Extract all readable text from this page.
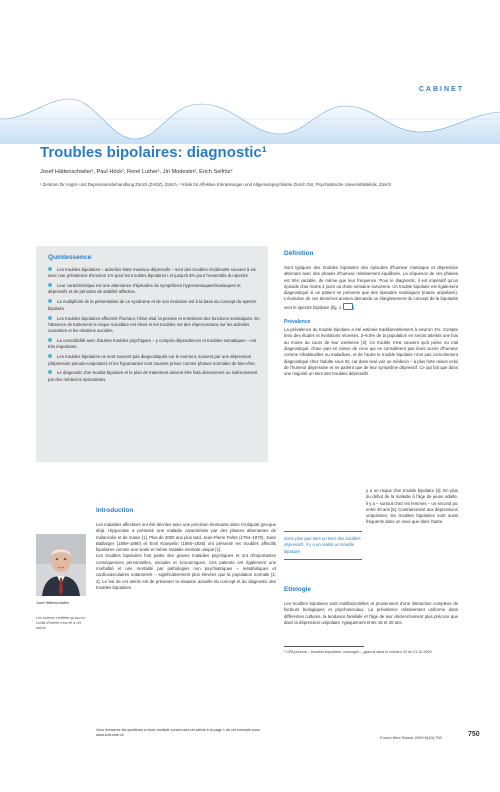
CABINET
Troubles bipolaires: diagnostic¹
Josef Hättenschwiler¹, Paul Höck¹, René Luther¹, Jiri Modestin², Erich Seifritz²
¹ Zentrum für Angst- und Depressionsbehandlung Zürich (ZADZ), Zürich, ² Klinik für Affektive Erkrankungen und Allgemeinpsychiatrie Zürich Ost, Psychiatrische Universitätsklinik, Zürich
Quintessence
Les troubles bipolaires – autrefois états maniaco-dépressifs – sont des troubles récidivants souvent à vie avec une prévalence d'environ 1% pour les troubles bipolaires I et jusqu'à 6% pour l'ensemble du spectre.
Leur caractéristique est une alternance d'épisodes de symptômes hypomaniaques/maniaques et dépressifs et de périodes de stabilité affective.
La multiplicité de la présentation de ce syndrome et de son évolution est à la base du concept du spectre bipolaire.
Les troubles bipolaires affectent l'humeur, l'élan vital, la pensée et entraînent des fonctions somatiques. En l'absence de traitement le risque suicidaire est élevé et les troubles ont des répercussions sur les activités courantes et les relations sociales.
La comorbidité avec d'autres troubles psychiques – y compris dépendances et troubles somatiques – est très importante.
Les troubles bipolaires ne sont souvent pas diagnostiqués sur le moment, souvent par une dépression (dépression pseudo-unipolaire) et les hypomanies sont souvent prises comme phases normales de bien-être.
Le diagnostic d'un trouble bipolaire et le plan de traitement doivent être faits directement ou indirectement par des médecins spécialistes.
Définition

Sont typiques des troubles bipolaires des épisodes d'humeur maniaque et dépressive alternant avec des phases d'humeur relativement équilibrée. La séquence de ces phases est très variable, de même que leur fréquence. Pour le diagnostic, il est impératif qu'un épisode d'au moins 4 jours ou d'une semaine survienne. Un trouble bipolaire est également diagnostiqué si un patient ne présente que des épisodes maniaques (manie unipolaire). L'évolution de ces dernières années demande un élargissement du concept de la bipolarité vers le spectre bipolaire (fig. 1	).

Prévalence

La prévalence du trouble bipolaire a été estimée traditionnellement à environ 1%. Compte tenu des études et évolutions récentes, 3–6,5% de la population en seront atteints une fois au moins au cours de leur existence [3]. Ce trouble n'est souvent qu'à peine ou mal diagnostiqué, d'une part en raison de ceux qui ne considèrent pas leurs accès d'humeur comme inhabituelles ou maladives, et de l'autre le trouble bipolaire n'est pas correctement diagnostiqué chez l'adulte sous ID, car dans seul voir un médecin – à plus forte raison celui de l'humeur dépressive et ne parlent que de leur symptôme dépressif. Ce qui fait que dans une majorité un tiers des troubles dépressifs

Dans plus que tiers un tiers des troubles dépressifs, il y a en réalité un trouble bipolaire

y a un risque d'un trouble bipolaire [4]. En plus du début de la maladie à l'âge de jeune adulte, il y a – surtout chez les femmes – un second pic entre 40 ans [5]. Contrairement aux dépressions unipolaires, les troubles bipolaires sont aussi fréquents dans un sexe que dans l'autre.

Etiologie

Les troubles bipolaires sont multifactorielles et proviennent d'une interaction complexe de facteurs biologiques et psychosociaux. La prévalence relativement uniforme dans différentes cultures, la tendance familiale et l'âge de leur déclenchement plus précoce que dans la dépression unipolaire, typiquement entre 15 et 30 ans.

¹ CPA prénom – troubles bipolaires, vorsorgen – gazons dans le numéro 43 du 21.10.2009
Introduction

Les maladies affectives ont été décrites avec une précision étonnante dans l'Antiquité grecque déjà. Hippocrate a présenté une maladie caractérisée par des phases alternantes de mélancolie et de manie [1]. Plus de 2000 ans plus tard, Jean-Pierre Falret (1794–1870), Jules Baillarger (1809–1890) et Emil Kraepelin (1856–1926) ont présenté les troubles affectifs bipolaires comme une seule et même maladie mentale unique [1].

Les troubles bipolaires font partie des graves maladies psychiques et ont d'importantes conséquences personnelles, sociales et économiques. Ces patients ont également une morbidité et une mortalité par pathologies non psychiatriques – métaboliques et cardiovasculaires notamment – significativement plus élevées que la population normale [1, 2]. Le but de cet article est de présenter la situation actuelle du concept et du diagnostic des troubles bipolaires.

Josef Hättenschwiler
Les auteurs certifient qu'aucun conflit d'intérêt n'est lié à cet article.
Vous trouverez les questions à choix multiple concernant cet article à la page 1 de cet exemple sous www.smf-cme.ch	Forum Med Suisse 2009;9(43):750	750
